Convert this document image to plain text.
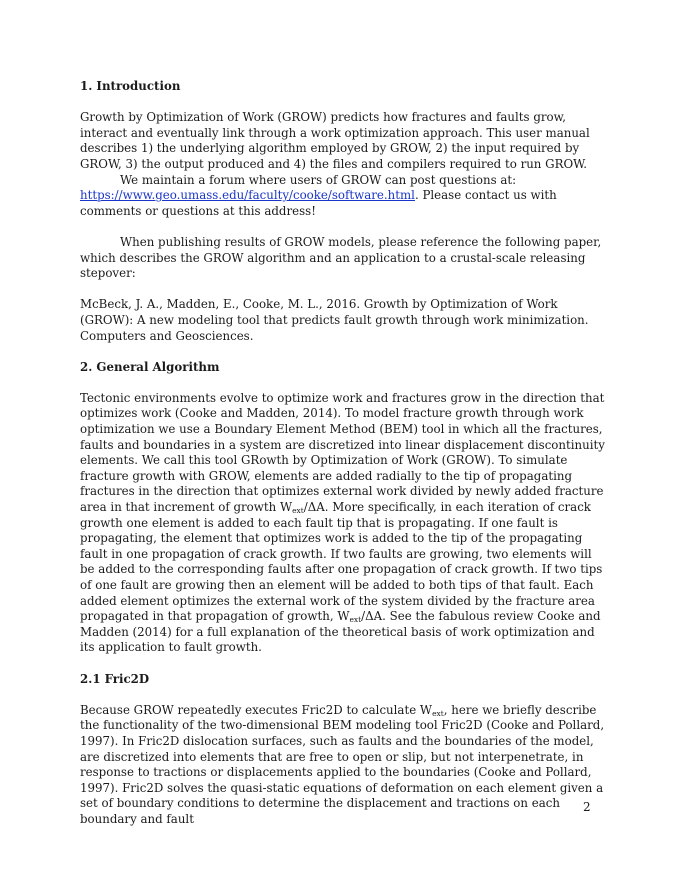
1. Introduction

Growth by Optimization of Work (GROW) predicts how fractures and faults grow, interact and eventually link through a work optimization approach. This user manual describes 1) the underlying algorithm employed by GROW, 2) the input required by GROW, 3) the output produced and 4) the files and compilers required to run GROW.

We maintain a forum where users of GROW can post questions at: https://www.geo.umass.edu/faculty/cooke/software.html. Please contact us with comments or questions at this address!

When publishing results of GROW models, please reference the following paper, which describes the GROW algorithm and an application to a crustal-scale releasing stepover:

McBeck, J. A., Madden, E., Cooke, M. L., 2016. Growth by Optimization of Work (GROW): A new modeling tool that predicts fault growth through work minimization. Computers and Geosciences.

2. General Algorithm

Tectonic environments evolve to optimize work and fractures grow in the direction that optimizes work (Cooke and Madden, 2014). To model fracture growth through work optimization we use a Boundary Element Method (BEM) tool in which all the fractures, faults and boundaries in a system are discretized into linear displacement discontinuity elements. We call this tool GRowth by Optimization of Work (GROW). To simulate fracture growth with GROW, elements are added radially to the tip of propagating fractures in the direction that optimizes external work divided by newly added fracture area in that increment of growth $W_{ext}/\Delta A$. More specifically, in each iteration of crack growth one element is added to each fault tip that is propagating. If one fault is propagating, the element that optimizes work is added to the tip of the propagating fault in one propagation of crack growth. If two faults are growing, two elements will be added to the corresponding faults after one propagation of crack growth. If two tips of one fault are growing then an element will be added to both tips of that fault. Each added element optimizes the external work of the system divided by the fracture area propagated in that propagation of growth, $W_{ext}/\Delta A$. See the fabulous review Cooke and Madden (2014) for a full explanation of the theoretical basis of work optimization and its application to fault growth.

2.1 Fric2D

Because GROW repeatedly executes Fric2D to calculate $W_{ext}$, here we briefly describe the functionality of the two-dimensional BEM modeling tool Fric2D (Cooke and Pollard, 1997). In Fric2D dislocation surfaces, such as faults and the boundaries of the model, are discretized into elements that are free to open or slip, but not interpenetrate, in response to tractions or displacements applied to the boundaries (Cooke and Pollard, 1997). Fric2D solves the quasi-static equations of deformation on each element given a set of boundary conditions to determine the displacement and tractions on each boundary and fault

2
